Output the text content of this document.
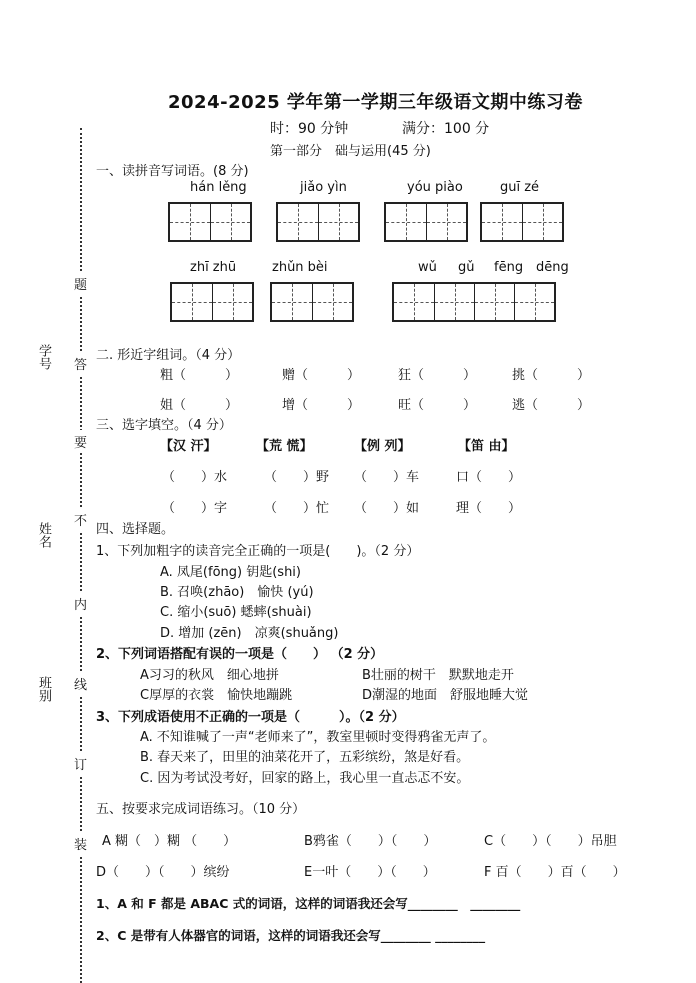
题
答
要
不
内
线
订
装
学号
姓名
班别
2024-2025 学年第一学期三年级语文期中练习卷
时：90 分钟	满分：100 分
第一部分　础与运用(45 分)
一、读拼音写词语。(8 分)
hán lěng	jiǎo yìn	yóu piào	guī zé
zhī zhū	zhǔn bèi	wǔ gǔ fēng dēng
二. 形近字组词。（4 分）
粗（　　　）	赠（　　　）	狂（　　　）	挑（　　　）
姐（　　　）	增（　　　）	旺（　　　）	逃（　　　）
三、选字填空。（4 分）
【汉 汗】	【荒 慌】	【例 列】	【笛 由】
（　　）水	（　　）野 （　　）车	口（　　）
（　　）字	（　　）忙 （　　）如	理（　　）
四、选择题。
1、下列加粗字的读音完全正确的一项是(　　)。（2 分）
A. 凤尾(fōng) 钥匙(shi)
B. 召唤(zhāo)　愉快 (yú)
C. 缩小(suō) 蟋蟀(shuài)
D. 增加 (zēn)　凉爽(shuǎng)
2、下列词语搭配有误的一项是（　　） （2 分）
A习习的秋风　细心地拼	B壮丽的树干　默默地走开
C厚厚的衣裳　愉快地蹦跳	D潮湿的地面　舒服地睡大觉
3、下列成语使用不正确的一项是（　　　）。（2 分）
A. 不知谁喊了一声“老师来了”，教室里顿时变得鸦雀无声了。
B. 春天来了，田里的油菜花开了，五彩缤纷，煞是好看。
C. 因为考试没考好，回家的路上，我心里一直忐忑不安。
五、按要求完成词语练习。（10 分）
A 糊（　）糊 （　　）	B鸦雀（　　）（　　）	C（　　）（　　）吊胆
D（　　）（　　）缤纷	E一叶（　　）（　　）	F 百（　　）百（　　）
1、A 和 F 都是 ABAC 式的词语，这样的词语我还会写________　________
2、C 是带有人体器官的词语，这样的词语我还会写________ ________
